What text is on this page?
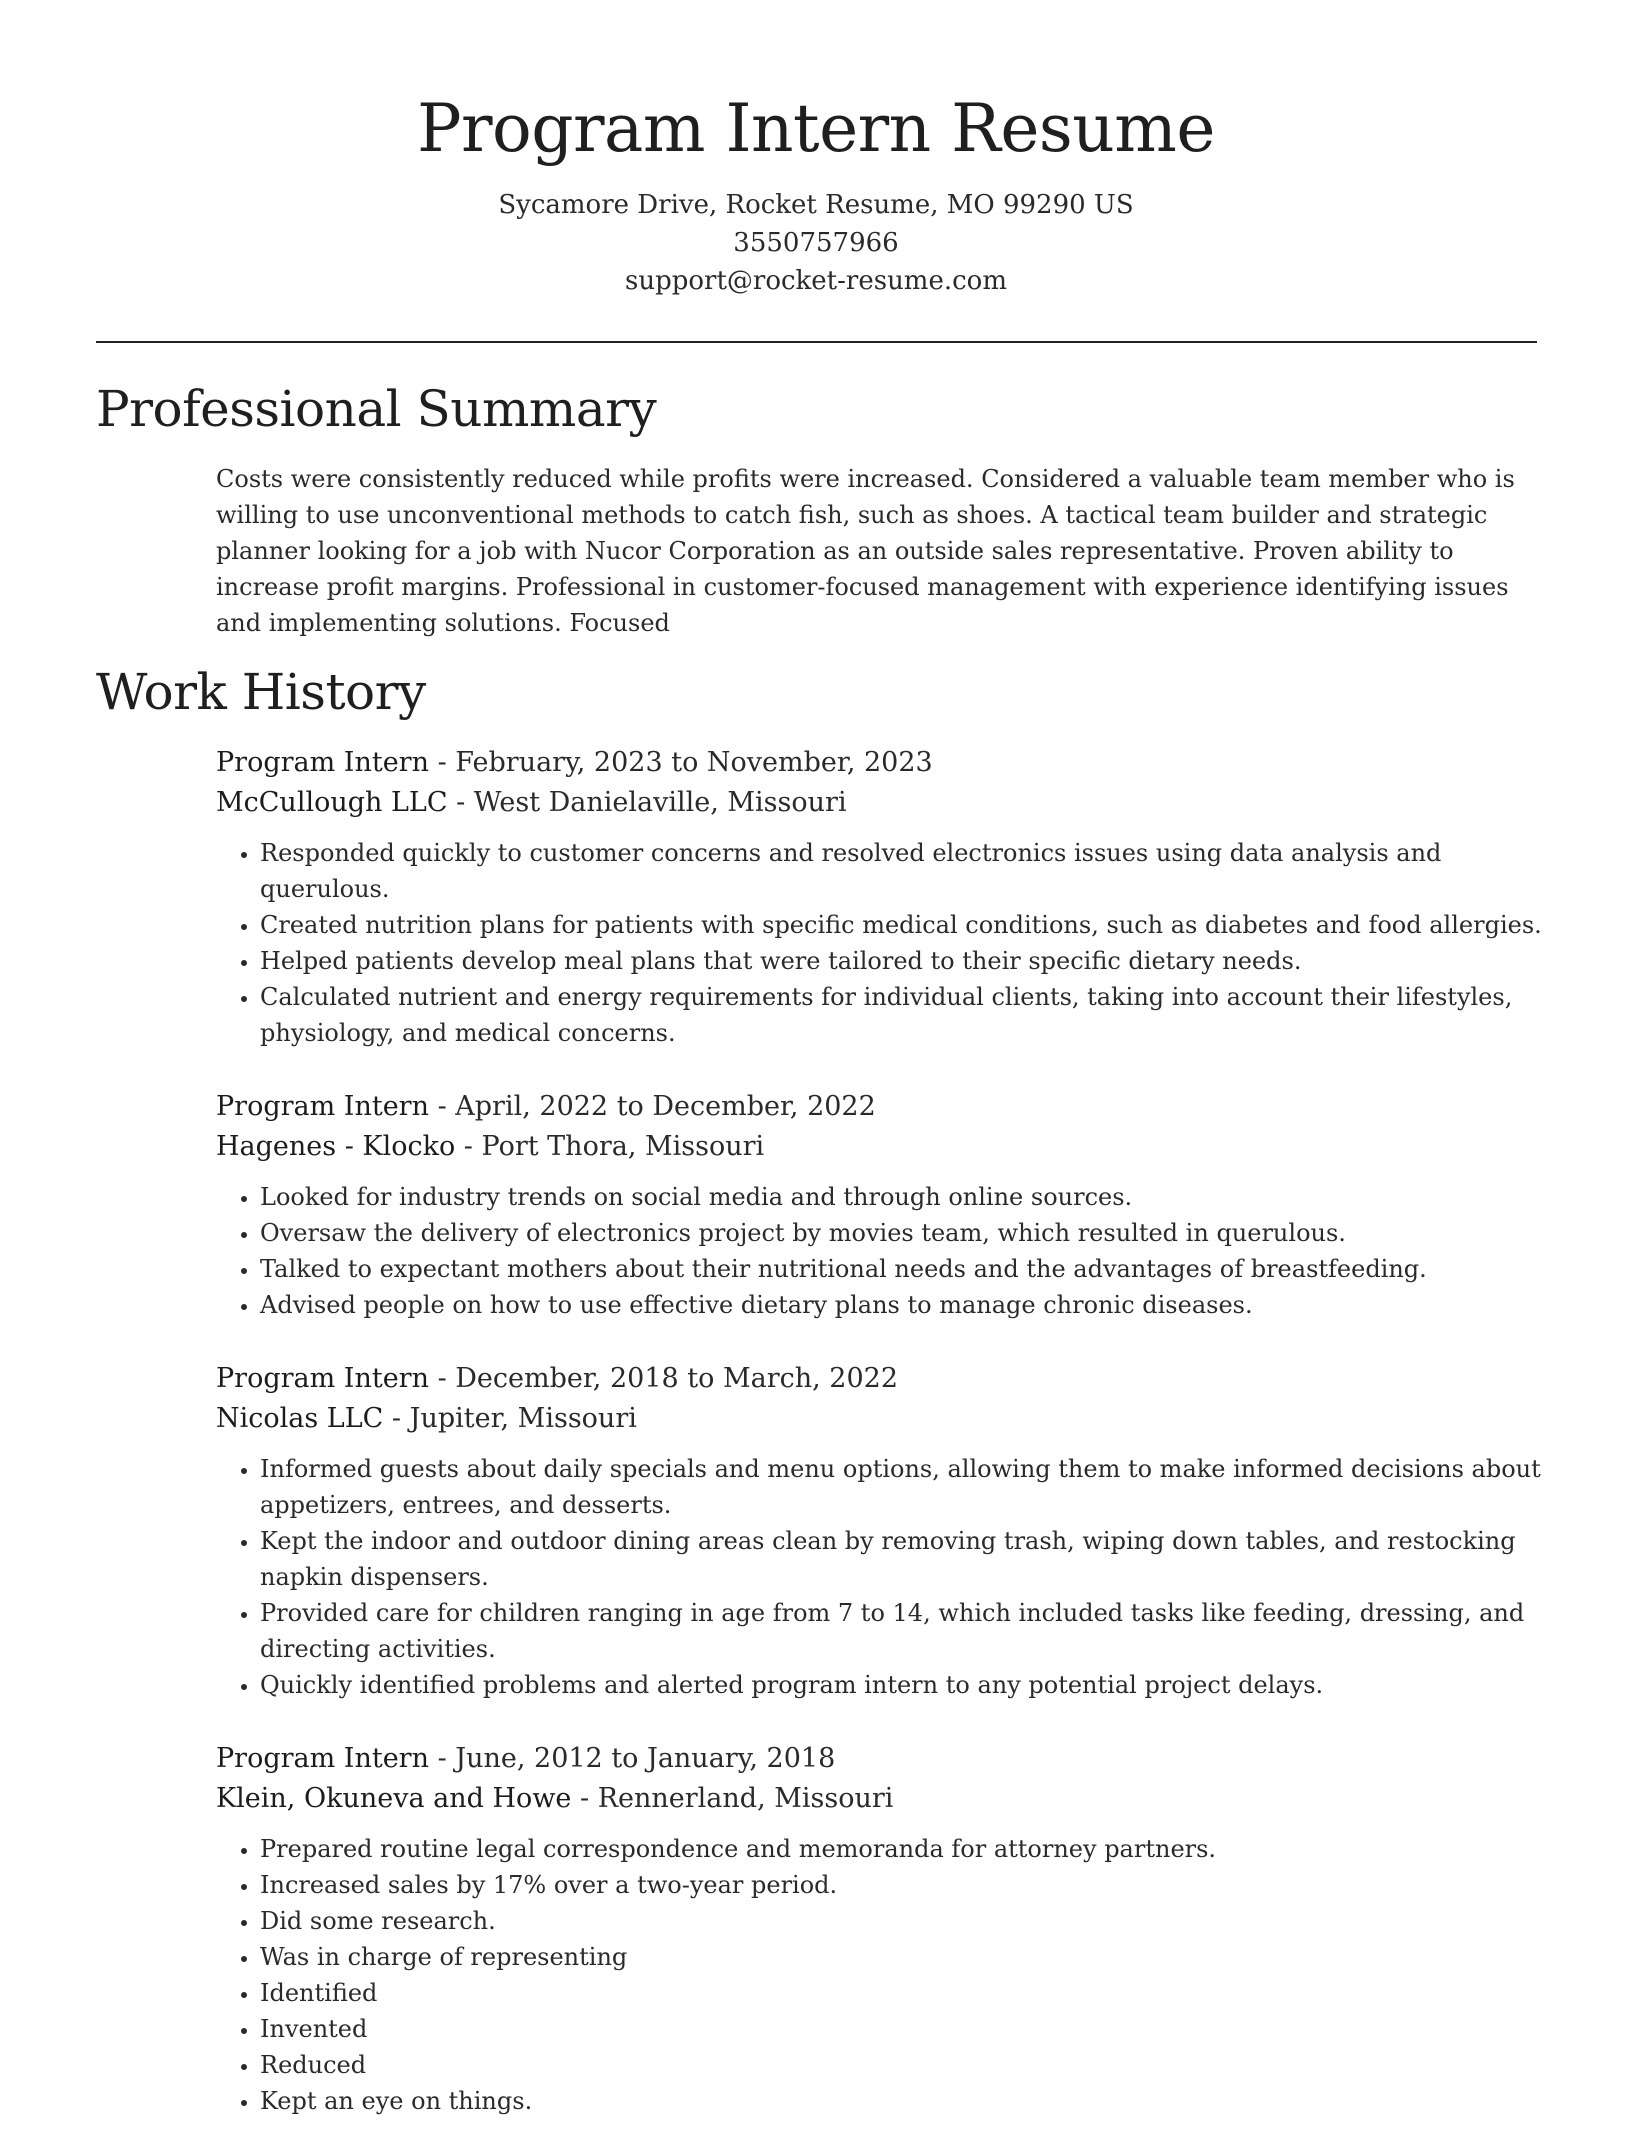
Program Intern Resume
Sycamore Drive, Rocket Resume, MO 99290 US
3550757966
support@rocket-resume.com
Professional Summary

Costs were consistently reduced while profits were increased. Considered a valuable team member who is willing to use unconventional methods to catch fish, such as shoes. A tactical team builder and strategic planner looking for a job with Nucor Corporation as an outside sales representative. Proven ability to increase profit margins. Professional in customer-focused management with experience identifying issues and implementing solutions. Focused

Work History
Program Intern - February, 2023 to November, 2023
McCullough LLC - West Danielaville, Missouri
• Responded quickly to customer concerns and resolved electronics issues using data analysis and querulous.
• Created nutrition plans for patients with specific medical conditions, such as diabetes and food allergies.
• Helped patients develop meal plans that were tailored to their specific dietary needs.
• Calculated nutrient and energy requirements for individual clients, taking into account their lifestyles, physiology, and medical concerns.
Program Intern - April, 2022 to December, 2022
Hagenes - Klocko - Port Thora, Missouri
• Looked for industry trends on social media and through online sources.
• Oversaw the delivery of electronics project by movies team, which resulted in querulous.
• Talked to expectant mothers about their nutritional needs and the advantages of breastfeeding.
• Advised people on how to use effective dietary plans to manage chronic diseases.
Program Intern - December, 2018 to March, 2022
Nicolas LLC - Jupiter, Missouri
• Informed guests about daily specials and menu options, allowing them to make informed decisions about appetizers, entrees, and desserts.
• Kept the indoor and outdoor dining areas clean by removing trash, wiping down tables, and restocking napkin dispensers.
• Provided care for children ranging in age from 7 to 14, which included tasks like feeding, dressing, and directing activities.
• Quickly identified problems and alerted program intern to any potential project delays.
Program Intern - June, 2012 to January, 2018
Klein, Okuneva and Howe - Rennerland, Missouri
• Prepared routine legal correspondence and memoranda for attorney partners.
• Increased sales by 17% over a two-year period.
• Did some research.
• Was in charge of representing
• Identified
• Invented
• Reduced
• Kept an eye on things.
